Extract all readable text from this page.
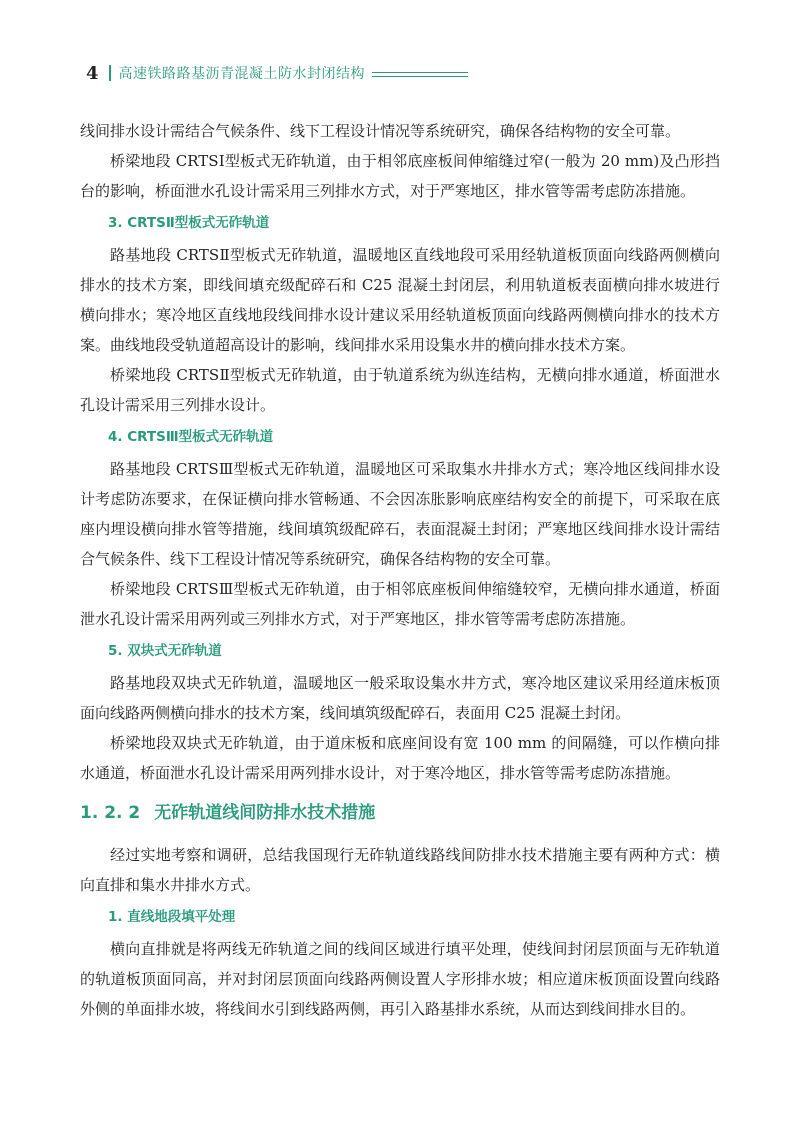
4 高速铁路路基沥青混凝土防水封闭结构

线间排水设计需结合气候条件、线下工程设计情况等系统研究，确保各结构物的安全可靠。

桥梁地段 CRTSⅠ型板式无砟轨道，由于相邻底座板间伸缩缝过窄(一般为 20 mm)及凸形挡台的影响，桥面泄水孔设计需采用三列排水方式，对于严寒地区，排水管等需考虑防冻措施。

3. CRTSⅡ型板式无砟轨道

路基地段 CRTSⅡ型板式无砟轨道，温暖地区直线地段可采用经轨道板顶面向线路两侧横向排水的技术方案，即线间填充级配碎石和 C25 混凝土封闭层，利用轨道板表面横向排水坡进行横向排水；寒冷地区直线地段线间排水设计建议采用经轨道板顶面向线路两侧横向排水的技术方案。曲线地段受轨道超高设计的影响，线间排水采用设集水井的横向排水技术方案。

桥梁地段 CRTSⅡ型板式无砟轨道，由于轨道系统为纵连结构，无横向排水通道，桥面泄水孔设计需采用三列排水设计。

4. CRTSⅢ型板式无砟轨道

路基地段 CRTSⅢ型板式无砟轨道，温暖地区可采取集水井排水方式；寒冷地区线间排水设计考虑防冻要求，在保证横向排水管畅通、不会因冻胀影响底座结构安全的前提下，可采取在底座内埋设横向排水管等措施，线间填筑级配碎石，表面混凝土封闭；严寒地区线间排水设计需结合气候条件、线下工程设计情况等系统研究，确保各结构物的安全可靠。

桥梁地段 CRTSⅢ型板式无砟轨道，由于相邻底座板间伸缩缝较窄，无横向排水通道，桥面泄水孔设计需采用两列或三列排水方式，对于严寒地区，排水管等需考虑防冻措施。

5. 双块式无砟轨道

路基地段双块式无砟轨道，温暖地区一般采取设集水井方式，寒冷地区建议采用经道床板顶面向线路两侧横向排水的技术方案，线间填筑级配碎石，表面用 C25 混凝土封闭。

桥梁地段双块式无砟轨道，由于道床板和底座间设有宽 100 mm 的间隔缝，可以作横向排水通道，桥面泄水孔设计需采用两列排水设计，对于寒冷地区，排水管等需考虑防冻措施。

1. 2. 2 无砟轨道线间防排水技术措施

经过实地考察和调研，总结我国现行无砟轨道线路线间防排水技术措施主要有两种方式：横向直排和集水井排水方式。

1. 直线地段填平处理

横向直排就是将两线无砟轨道之间的线间区域进行填平处理，使线间封闭层顶面与无砟轨道的轨道板顶面同高，并对封闭层顶面向线路两侧设置人字形排水坡；相应道床板顶面设置向线路外侧的单面排水坡，将线间水引到线路两侧，再引入路基排水系统，从而达到线间排水目的。
